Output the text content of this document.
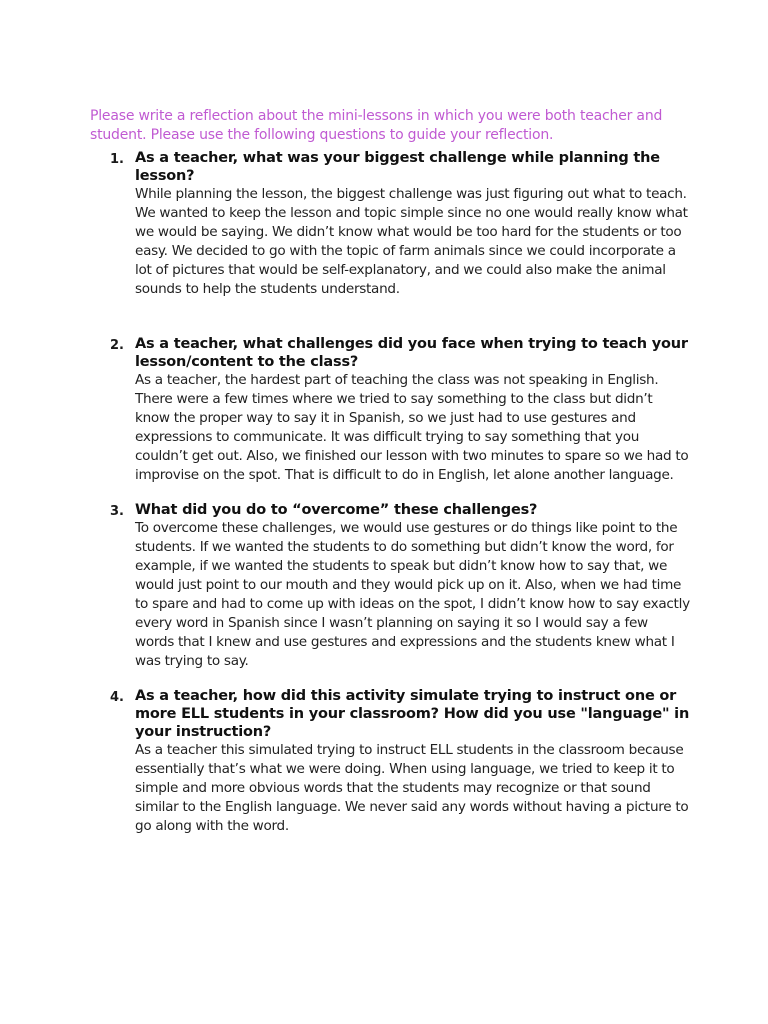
Please write a reflection about the mini-lessons in which you were both teacher and student. Please use the following questions to guide your reflection.

1. As a teacher, what was your biggest challenge while planning the lesson?
While planning the lesson, the biggest challenge was just figuring out what to teach. We wanted to keep the lesson and topic simple since no one would really know what we would be saying. We didn’t know what would be too hard for the students or too easy. We decided to go with the topic of farm animals since we could incorporate a lot of pictures that would be self-explanatory, and we could also make the animal sounds to help the students understand.
2. As a teacher, what challenges did you face when trying to teach your lesson/content to the class?
As a teacher, the hardest part of teaching the class was not speaking in English. There were a few times where we tried to say something to the class but didn’t know the proper way to say it in Spanish, so we just had to use gestures and expressions to communicate. It was difficult trying to say something that you couldn’t get out. Also, we finished our lesson with two minutes to spare so we had to improvise on the spot. That is difficult to do in English, let alone another language.
3. What did you do to “overcome” these challenges?
To overcome these challenges, we would use gestures or do things like point to the students. If we wanted the students to do something but didn’t know the word, for example, if we wanted the students to speak but didn’t know how to say that, we would just point to our mouth and they would pick up on it. Also, when we had time to spare and had to come up with ideas on the spot, I didn’t know how to say exactly every word in Spanish since I wasn’t planning on saying it so I would say a few words that I knew and use gestures and expressions and the students knew what I was trying to say.
4. As a teacher, how did this activity simulate trying to instruct one or more ELL students in your classroom? How did you use "language" in your instruction?
As a teacher this simulated trying to instruct ELL students in the classroom because essentially that’s what we were doing. When using language, we tried to keep it to simple and more obvious words that the students may recognize or that sound similar to the English language. We never said any words without having a picture to go along with the word.
